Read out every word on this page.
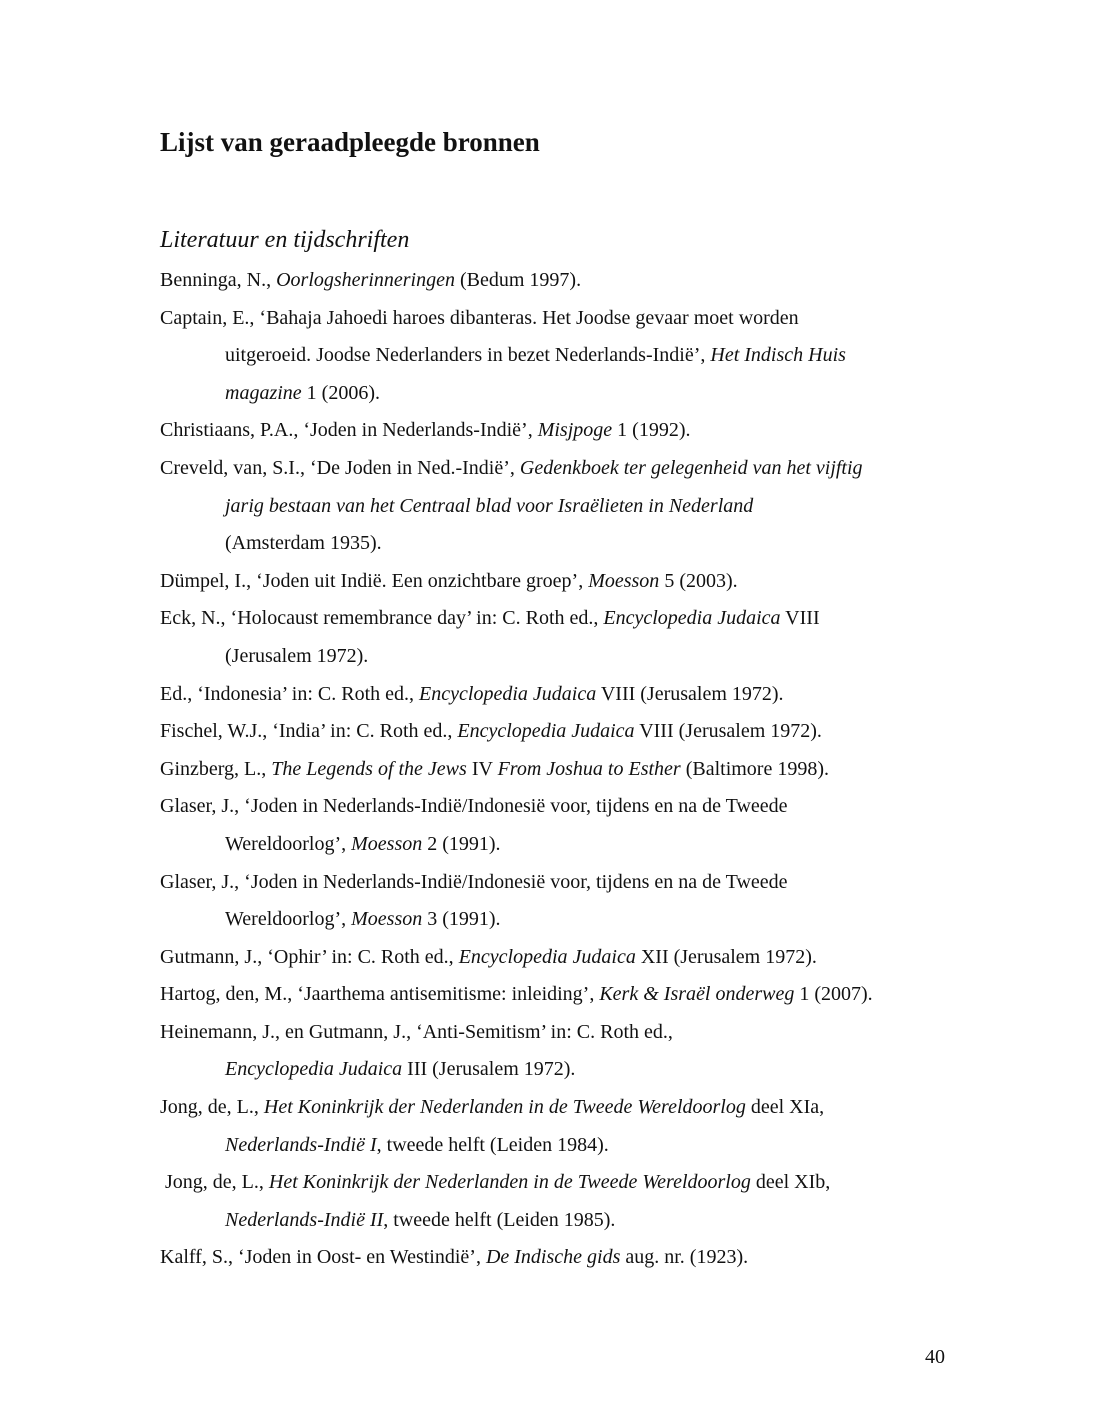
Lijst van geraadpleegde bronnen
Literatuur en tijdschriften
Benninga, N., Oorlogsherinneringen (Bedum 1997).
Captain, E., ‘Bahaja Jahoedi haroes dibanteras. Het Joodse gevaar moet worden
uitgeroeid. Joodse Nederlanders in bezet Nederlands-Indië’, Het Indisch Huis
magazine 1 (2006).
Christiaans, P.A., ‘Joden in Nederlands-Indië’, Misjpoge 1 (1992).
Creveld, van, S.I., ‘De Joden in Ned.-Indië’, Gedenkboek ter gelegenheid van het vijftig
jarig bestaan van het Centraal blad voor Israëlieten in Nederland
(Amsterdam 1935).
Dümpel, I., ‘Joden uit Indië. Een onzichtbare groep’, Moesson 5 (2003).
Eck, N., ‘Holocaust remembrance day’ in: C. Roth ed., Encyclopedia Judaica VIII
(Jerusalem 1972).
Ed., ‘Indonesia’ in: C. Roth ed., Encyclopedia Judaica VIII (Jerusalem 1972).
Fischel, W.J., ‘India’ in: C. Roth ed., Encyclopedia Judaica VIII (Jerusalem 1972).
Ginzberg, L., The Legends of the Jews IV From Joshua to Esther (Baltimore 1998).
Glaser, J., ‘Joden in Nederlands-Indië/Indonesië voor, tijdens en na de Tweede
Wereldoorlog’, Moesson 2 (1991).
Glaser, J., ‘Joden in Nederlands-Indië/Indonesië voor, tijdens en na de Tweede
Wereldoorlog’, Moesson 3 (1991).
Gutmann, J., ‘Ophir’ in: C. Roth ed., Encyclopedia Judaica XII (Jerusalem 1972).
Hartog, den, M., ‘Jaarthema antisemitisme: inleiding’, Kerk & Israël onderweg 1 (2007).
Heinemann, J., en Gutmann, J., ‘Anti-Semitism’ in: C. Roth ed.,
Encyclopedia Judaica III (Jerusalem 1972).
Jong, de, L., Het Koninkrijk der Nederlanden in de Tweede Wereldoorlog deel XIa,
Nederlands-Indië I, tweede helft (Leiden 1984).
Jong, de, L., Het Koninkrijk der Nederlanden in de Tweede Wereldoorlog deel XIb,
Nederlands-Indië II, tweede helft (Leiden 1985).
Kalff, S., ‘Joden in Oost- en Westindië’, De Indische gids aug. nr. (1923).
40
